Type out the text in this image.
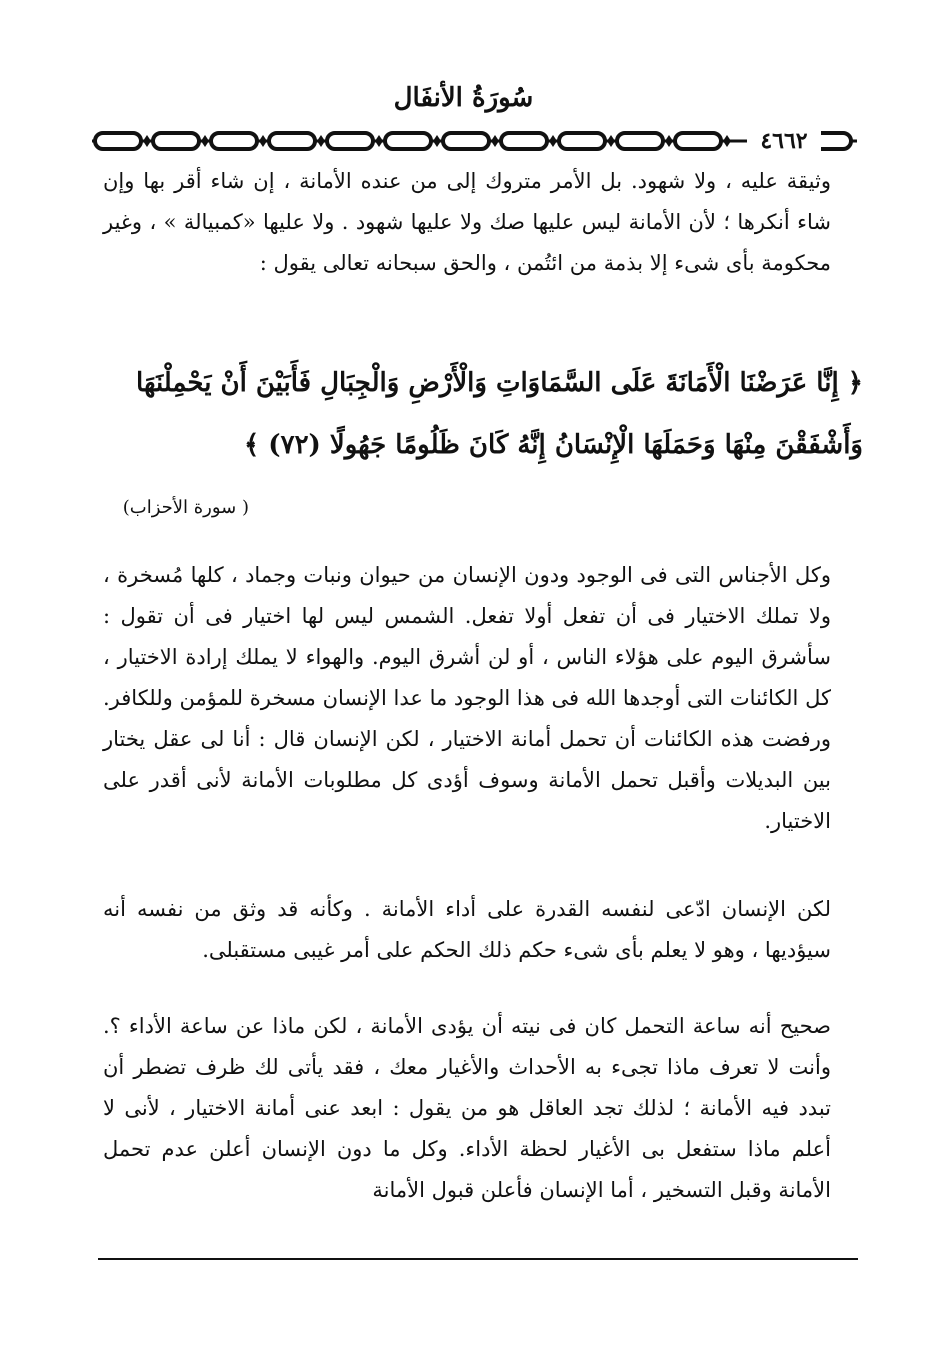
سُورَةُ الأنفَال
٤٦٦٢

وثيقة عليه ، ولا شهود. بل الأمر متروك إلى من عنده الأمانة ، إن شاء أقر بها وإن شاء أنكرها ؛ لأن الأمانة ليس عليها صك ولا عليها شهود . ولا عليها «كمبيالة » ، وغير محكومة بأى شىء إلا بذمة من ائتُمن ، والحق سبحانه تعالى يقول :

﴿ إِنَّا عَرَضْنَا الْأَمَانَةَ عَلَى السَّمَاوَاتِ وَالْأَرْضِ وَالْجِبَالِ فَأَبَيْنَ أَنْ يَحْمِلْنَهَا وَأَشْفَقْنَ مِنْهَا وَحَمَلَهَا الْإِنْسَانُ إِنَّهُ كَانَ ظَلُومًا جَهُولًا (٧٢) ﴾
( سورة الأحزاب)

وكل الأجناس التى فى الوجود ودون الإنسان من حيوان ونبات وجماد ، كلها مُسخرة ، ولا تملك الاختيار فى أن تفعل أولا تفعل. الشمس ليس لها اختيار فى أن تقول : سأشرق اليوم على هؤلاء الناس ، أو لن أشرق اليوم. والهواء لا يملك إرادة الاختيار ، كل الكائنات التى أوجدها الله فى هذا الوجود ما عدا الإنسان مسخرة للمؤمن وللكافر. ورفضت هذه الكائنات أن تحمل أمانة الاختيار ، لكن الإنسان قال : أنا لى عقل يختار بين البديلات وأقبل تحمل الأمانة وسوف أؤدى كل مطلوبات الأمانة لأنى أقدر على الاختيار.

لكن الإنسان ادّعى لنفسه القدرة على أداء الأمانة . وكأنه قد وثق من نفسه أنه سيؤديها ، وهو لا يعلم بأى شىء حكم ذلك الحكم على أمر غيبى مستقبلى.

صحيح أنه ساعة التحمل كان فى نيته أن يؤدى الأمانة ، لكن ماذا عن ساعة الأداء ؟. وأنت لا تعرف ماذا تجىء به الأحداث والأغيار معك ، فقد يأتى لك ظرف تضطر أن تبدد فيه الأمانة ؛ لذلك تجد العاقل هو من يقول : ابعد عنى أمانة الاختيار ، لأنى لا أعلم ماذا ستفعل بى الأغيار لحظة الأداء. وكل ما دون الإنسان أعلن عدم تحمل الأمانة وقبل التسخير ، أما الإنسان فأعلن قبول الأمانة
